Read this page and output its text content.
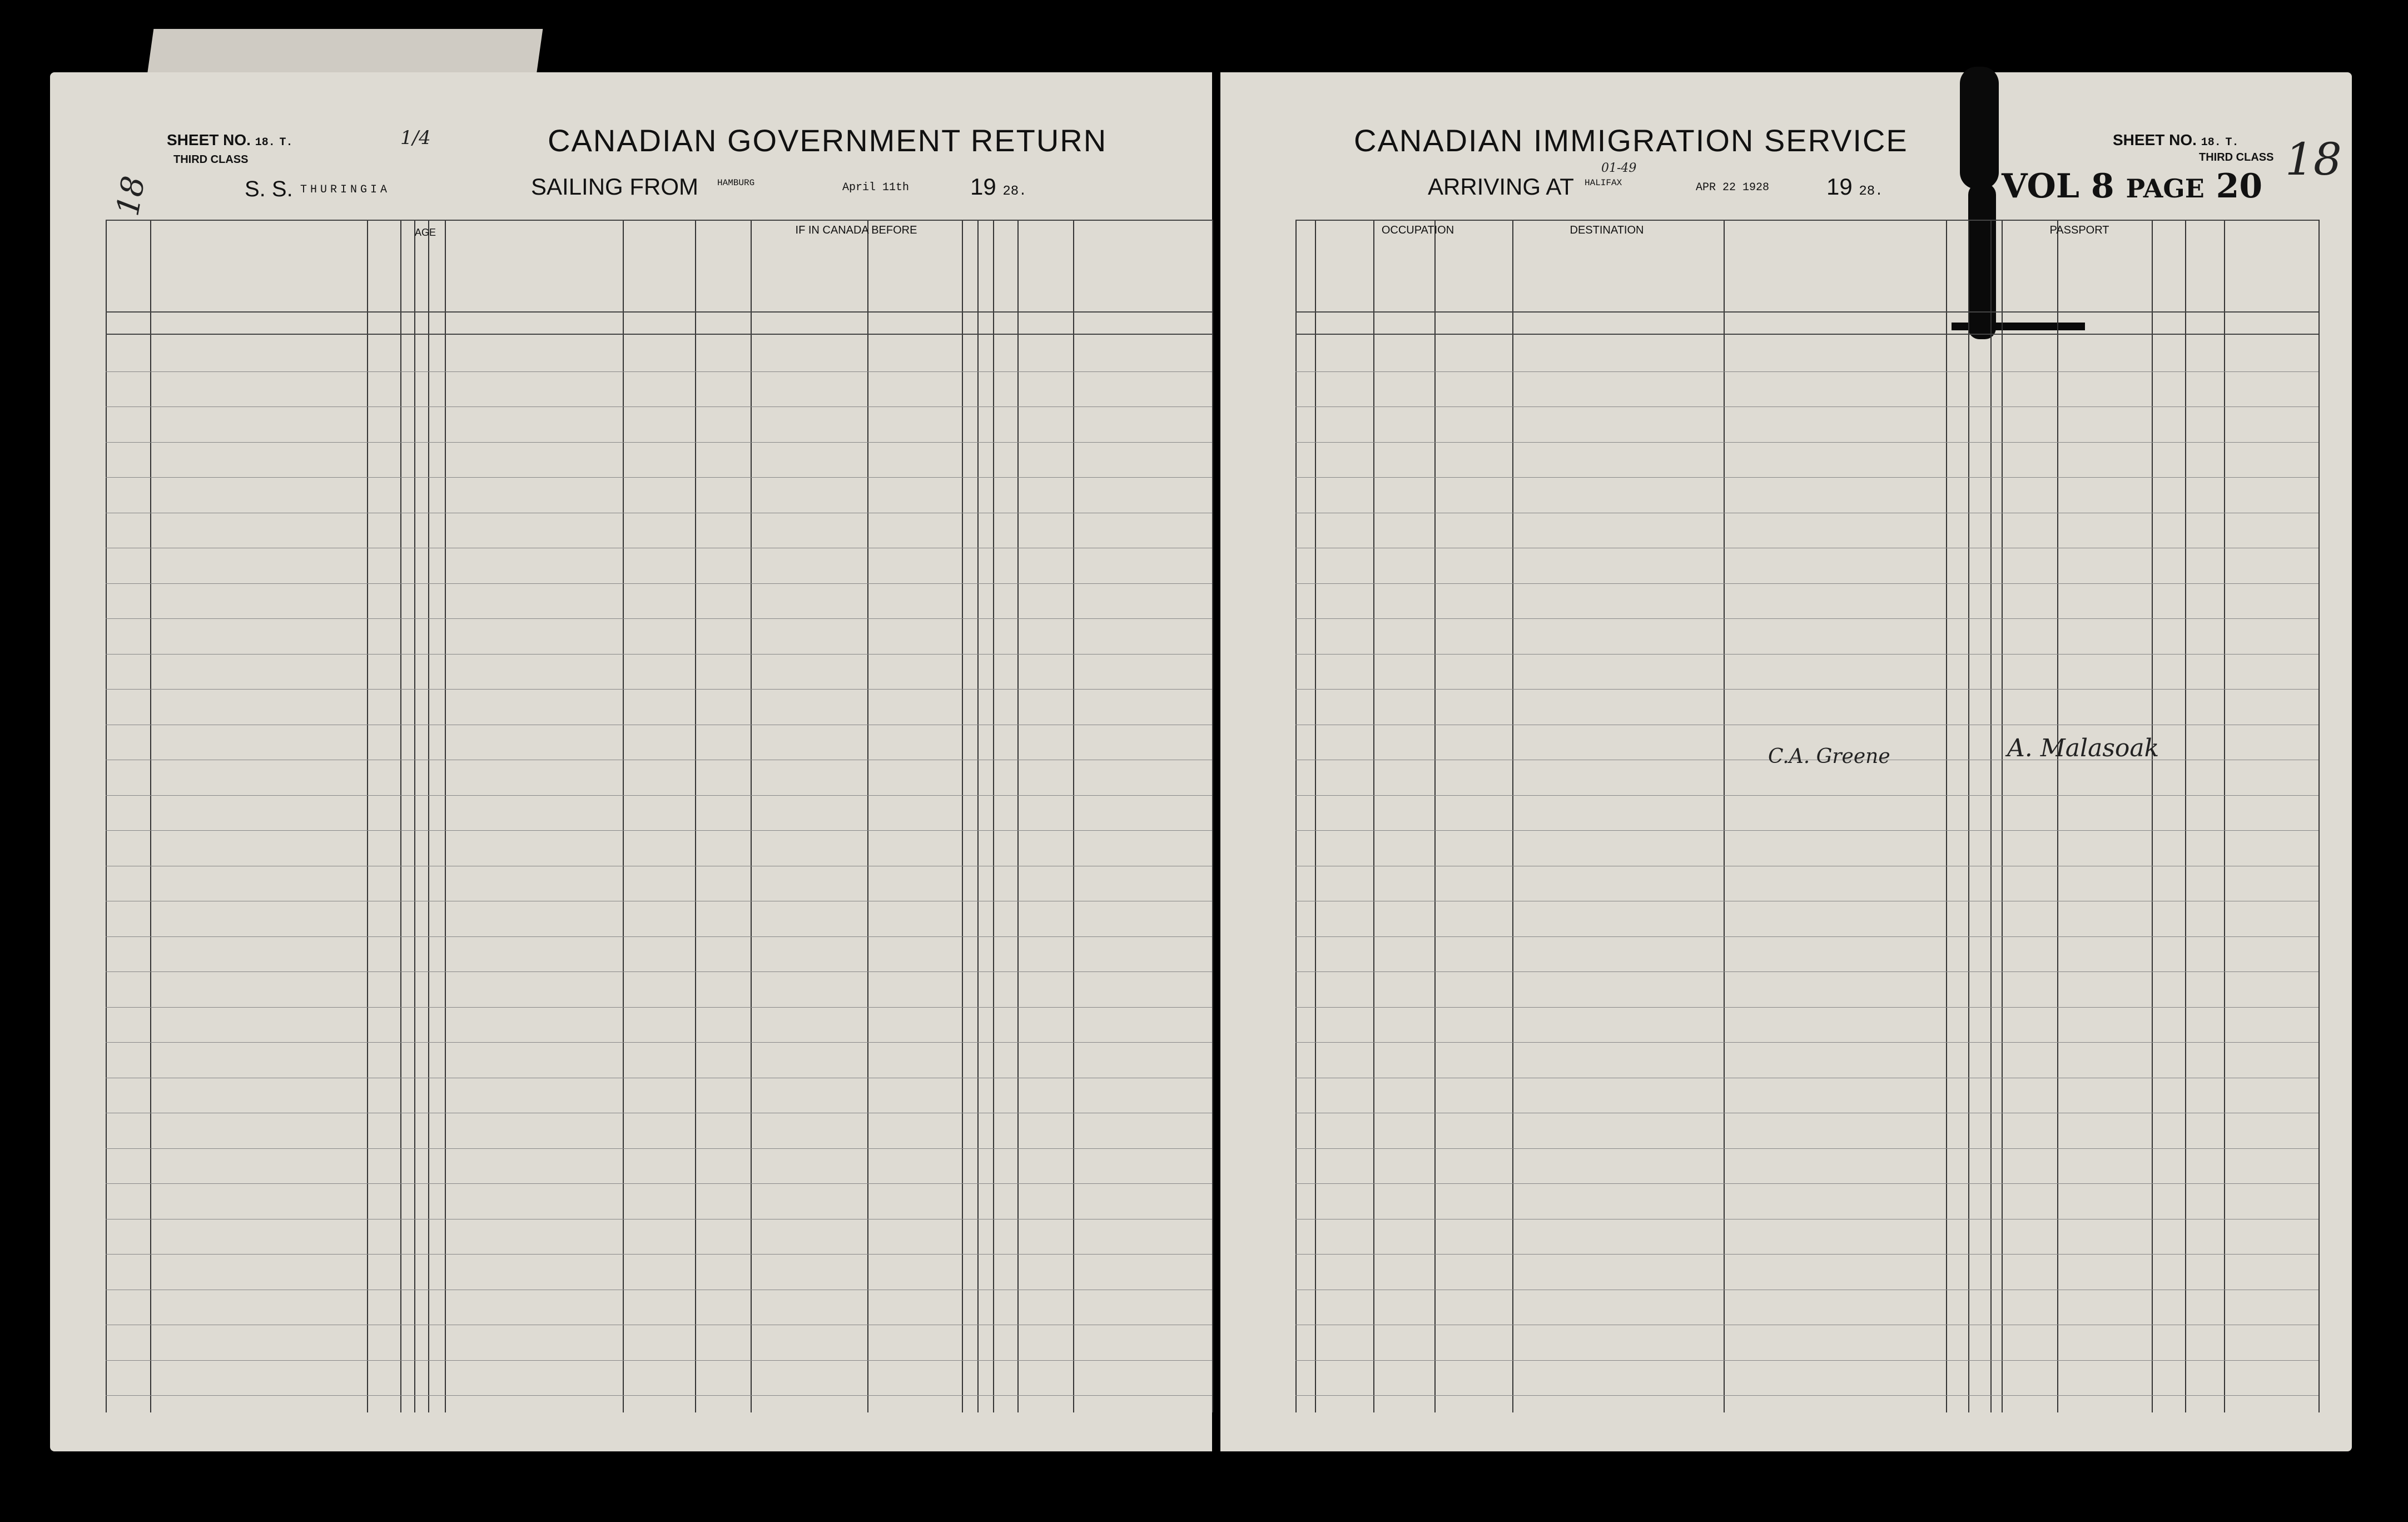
SHEET NO. 18. T.
THIRD CLASS
1/4	CANADIAN GOVERNMENT RETURN
18	S. S. THURINGIA	SAILING FROM HAMBURG	April 11th	19 28.
CANADIAN IMMIGRATION SERVICE	SHEET NO. 18. T.
THIRD CLASS 18
01-49
ARRIVING AT HALIFAX	APR 22 1928 19 28.	VOL 8 PAGE 20
AGE	IF IN CANADA BEFORE	OCCUPATION	DESTINATION	PASSPORT
C.A. Greene	A. Malasoak
